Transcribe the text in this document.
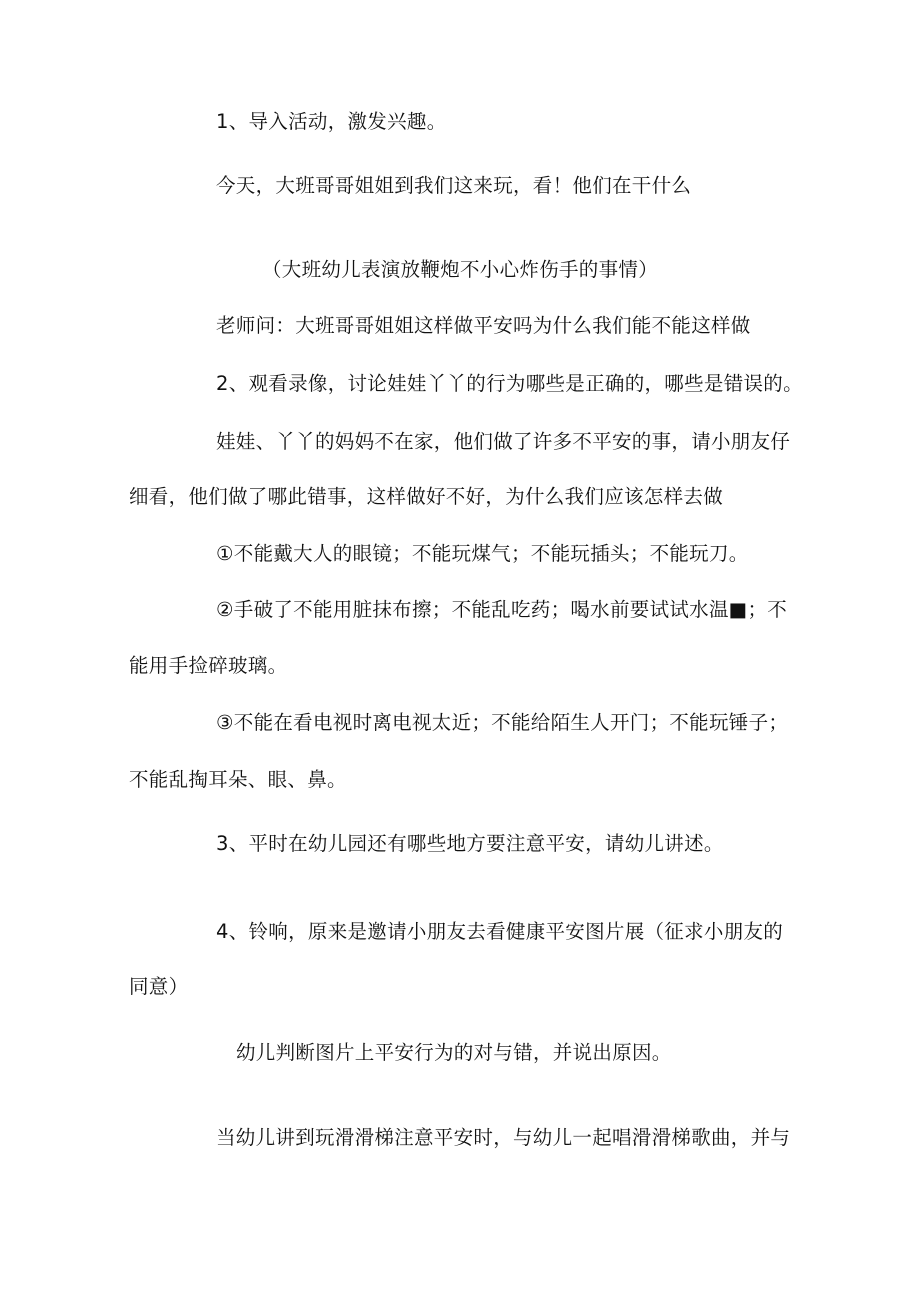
1、导入活动，激发兴趣。
今天，大班哥哥姐姐到我们这来玩，看！他们在干什么
（大班幼儿表演放鞭炮不小心炸伤手的事情）
老师问：大班哥哥姐姐这样做平安吗为什么我们能不能这样做
2、观看录像，讨论娃娃丫丫的行为哪些是正确的，哪些是错误的。
娃娃、丫丫的妈妈不在家，他们做了许多不平安的事，请小朋友仔
细看，他们做了哪此错事，这样做好不好，为什么我们应该怎样去做
①不能戴大人的眼镜；不能玩煤气；不能玩插头；不能玩刀。
②手破了不能用脏抹布擦；不能乱吃药；喝水前要试试水温■；不
能用手捡碎玻璃。
③不能在看电视时离电视太近；不能给陌生人开门；不能玩锤子；
不能乱掏耳朵、眼、鼻。
3、平时在幼儿园还有哪些地方要注意平安，请幼儿讲述。
4、铃响，原来是邀请小朋友去看健康平安图片展（征求小朋友的
同意）
幼儿判断图片上平安行为的对与错，并说出原因。
当幼儿讲到玩滑滑梯注意平安时，与幼儿一起唱滑滑梯歌曲，并与
